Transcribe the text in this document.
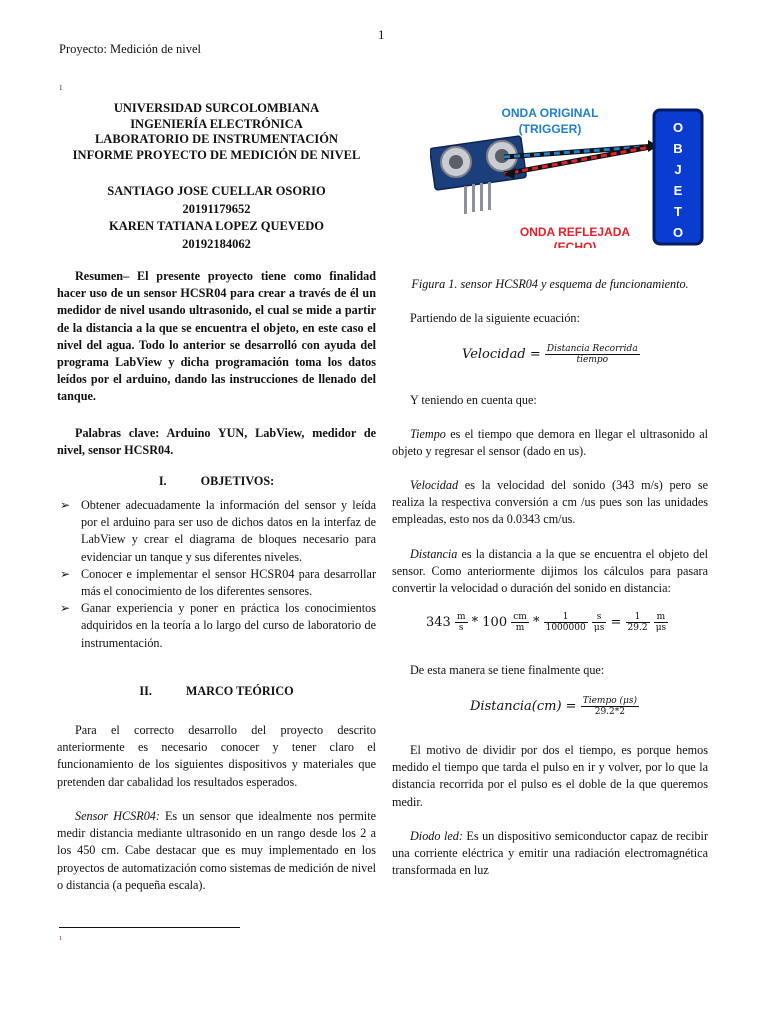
1
Proyecto: Medición de nivel
1

UNIVERSIDAD SURCOLOMBIANA

INGENIERÍA ELECTRÓNICA

LABORATORIO DE INSTRUMENTACIÓN

INFORME PROYECTO DE MEDICIÓN DE NIVEL

SANTIAGO JOSE CUELLAR OSORIO

20191179652

KAREN TATIANA LOPEZ QUEVEDO

20192184062

Resumen– El presente proyecto tiene como finalidad hacer uso de un sensor HCSR04 para crear a través de él un medidor de nivel usando ultrasonido, el cual se mide a partir de la distancia a la que se encuentra el objeto, en este caso el nivel del agua. Todo lo anterior se desarrolló con ayuda del programa LabView y dicha programación toma los datos leídos por el arduino, dando las instrucciones de llenado del tanque.

Palabras clave: Arduino YUN, LabView, medidor de nivel, sensor HCSR04.

I.	OBJETIVOS:
➢ Obtener adecuadamente la información del sensor y leída por el arduino para ser uso de dichos datos en la interfaz de LabView y crear el diagrama de bloques necesario para evidenciar un tanque y sus diferentes niveles.
➢ Conocer e implementar el sensor HCSR04 para desarrollar más el conocimiento de los diferentes sensores.
➢ Ganar experiencia y poner en práctica los conocimientos adquiridos en la teoría a lo largo del curso de laboratorio de instrumentación.
II.	MARCO TEÓRICO

Para el correcto desarrollo del proyecto descrito anteriormente es necesario conocer y tener claro el funcionamiento de los siguientes dispositivos y materiales que pretenden dar cabalidad los resultados esperados.

Sensor HCSR04: Es un sensor que idealmente nos permite medir distancia mediante ultrasonido en un rango desde los 2 a los 450 cm. Cabe destacar que es muy implementado en los proyectos de automatización como sistemas de medición de nivel o distancia (a pequeña escala).

1
ONDA ORIGINAL
(TRIGGER)
ONDA REFLEJADA
(ECHO)
O
B
J
E
T
O
Figura 1. sensor HCSR04 y esquema de funcionamiento.

Partiendo de la siguiente ecuación:

Velocidad = $\frac{\text{Distancia Recorrida}}{\text{tiempo}}$

Y teniendo en cuenta que:

Tiempo es el tiempo que demora en llegar el ultrasonido al objeto y regresar el sensor (dado en us).

Velocidad es la velocidad del sonido (343 m/s) pero se realiza la respectiva conversión a cm /us pues son las unidades empleadas, esto nos da 0.0343 cm/us.

Distancia es la distancia a la que se encuentra el objeto del sensor. Como anteriormente dijimos los cálculos para pasara convertir la velocidad o duración del sonido en distancia:

$343 \frac{m}{s} * 100 \frac{cm}{m} * \frac{1}{1000000}$
$\frac{s}{\mu s} = \frac{1}{29.2}$
$\frac{m}{\mu s}$

De esta manera se tiene finalmente que:

Distancia(cm) = $\frac{\text{Tiempo (μs)}}{29.2*2}$

El motivo de dividir por dos el tiempo, es porque hemos medido el tiempo que tarda el pulso en ir y volver, por lo que la distancia recorrida por el pulso es el doble de la que queremos medir.

Diodo led: Es un dispositivo semiconductor capaz de recibir una corriente eléctrica y emitir una radiación electromagnética transformada en luz
